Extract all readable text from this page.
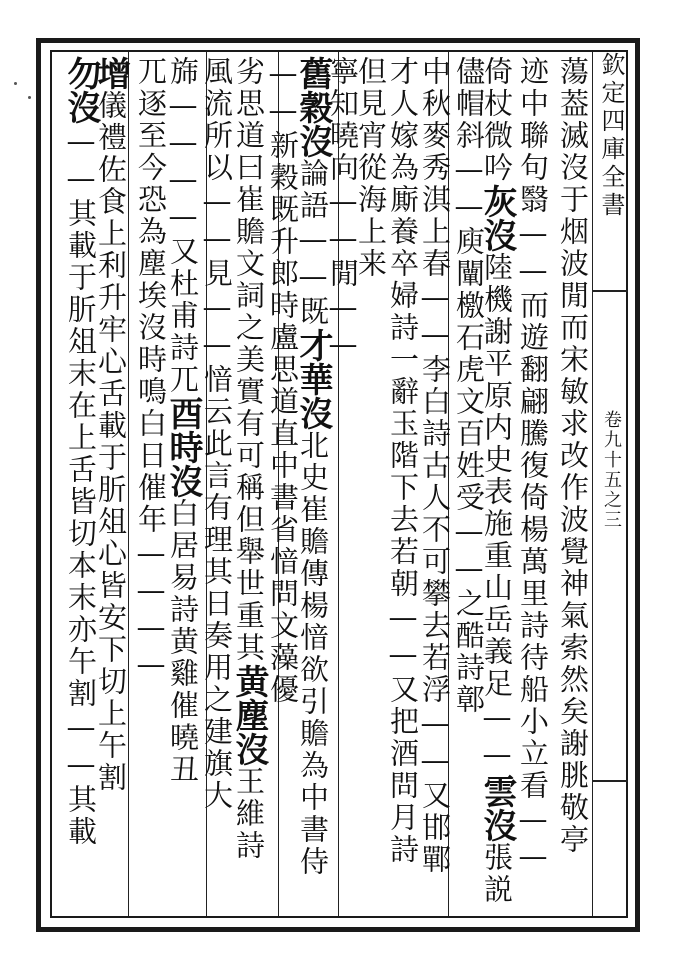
欽定四庫全書
卷九十五之三
蕩葢滅沒于烟波閒而宋敏求改作波覺神氣索然矣謝朓敬亭
迹中聯句翳——而遊翻翩騰復倚楊萬里詩待船小立看——
倚杖微吟灰沒陸機謝平原内史表施重山岳義足——雲沒張説
儘帽斜——庾闡檄石虎文百姓受——之酷詩鄣
中秋麥秀淇上春——李白詩古人不可攀去若浮——又邯鄲
才人嫁為廝養卒婦詩一辭玉階下去若朝——又把酒問月詩
但見宵從海上来
寧知曉向——閒——
舊穀沒論語——既才華沒北史崔贍傳楊愔欲引贍為中書侍
——新穀既升郎時盧思道直中書省愔問文藻優
劣思道曰崔贍文詞之美實有可稱但舉世重其黄塵沒王維詩
風流所以——見——愔云此言有理其日奏用之建旗大
旆————又杜甫詩兀酉時沒白居易詩黄雞催曉丑
兀逐至今恐為塵埃沒時鳴白日催年————
增儀禮佐食上利升牢心舌載于肵俎心皆安下切上午割
勿沒——其載于肵俎末在上舌皆切本末亦午割——其載
